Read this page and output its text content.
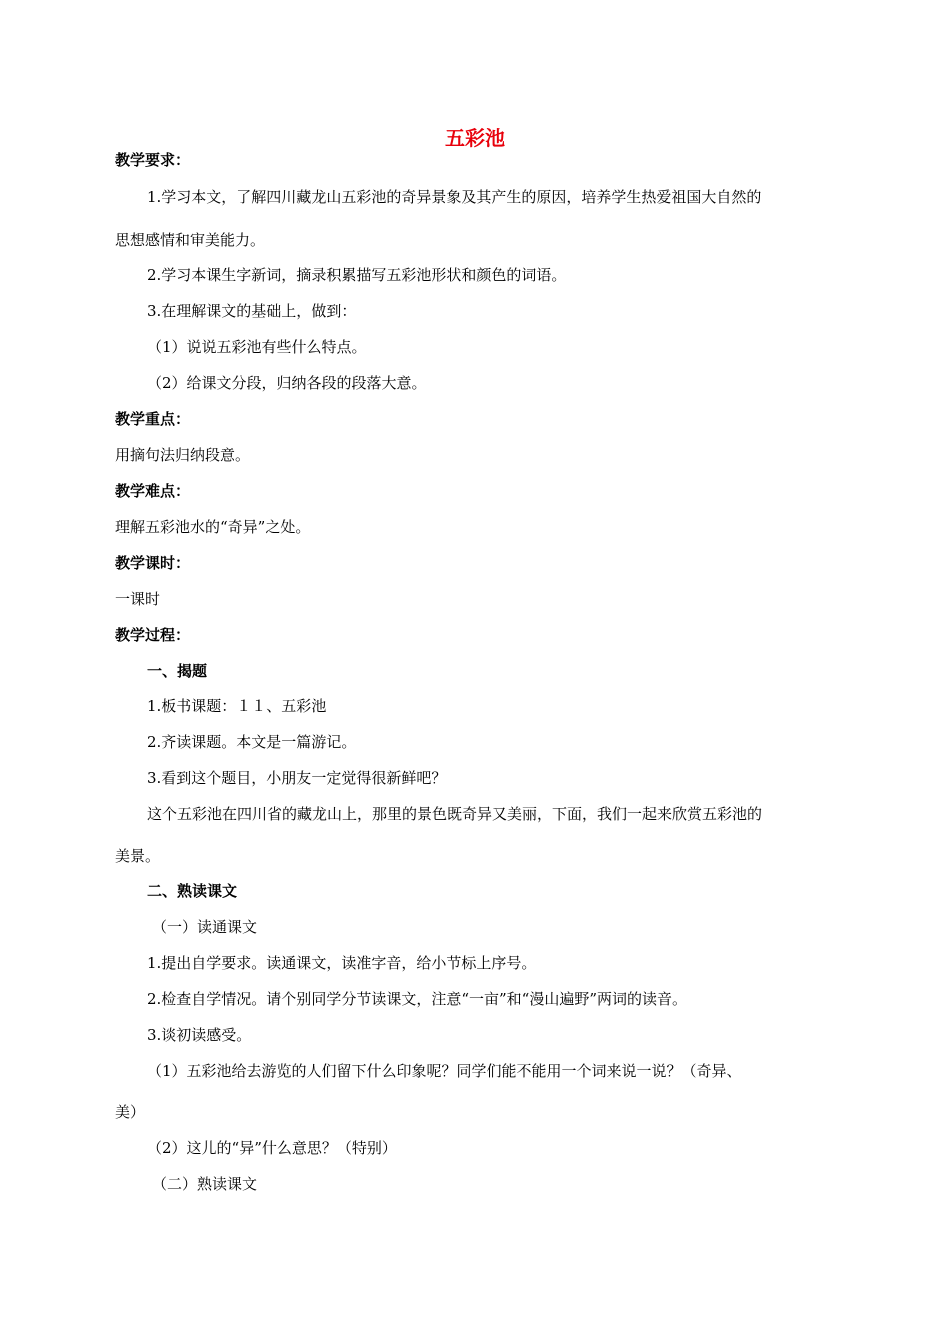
五彩池
教学要求：
1.学习本文，了解四川藏龙山五彩池的奇异景象及其产生的原因，培养学生热爱祖国大自然的
思想感情和审美能力。
2.学习本课生字新词，摘录积累描写五彩池形状和颜色的词语。
3.在理解课文的基础上，做到：
（1）说说五彩池有些什么特点。
（2）给课文分段，归纳各段的段落大意。
教学重点：
用摘句法归纳段意。
教学难点：
理解五彩池水的“奇异”之处。
教学课时：
一课时
教学过程：
一、揭题
1.板书课题：１１、五彩池
2.齐读课题。本文是一篇游记。
3.看到这个题目，小朋友一定觉得很新鲜吧？
这个五彩池在四川省的藏龙山上，那里的景色既奇异又美丽，下面，我们一起来欣赏五彩池的
美景。
二、熟读课文
（一）读通课文
1.提出自学要求。读通课文，读准字音，给小节标上序号。
2.检查自学情况。请个别同学分节读课文，注意“一亩”和“漫山遍野”两词的读音。
3.谈初读感受。
（1）五彩池给去游览的人们留下什么印象呢？同学们能不能用一个词来说一说？（奇异、
美）
（2）这儿的“异”什么意思？（特别）
（二）熟读课文
